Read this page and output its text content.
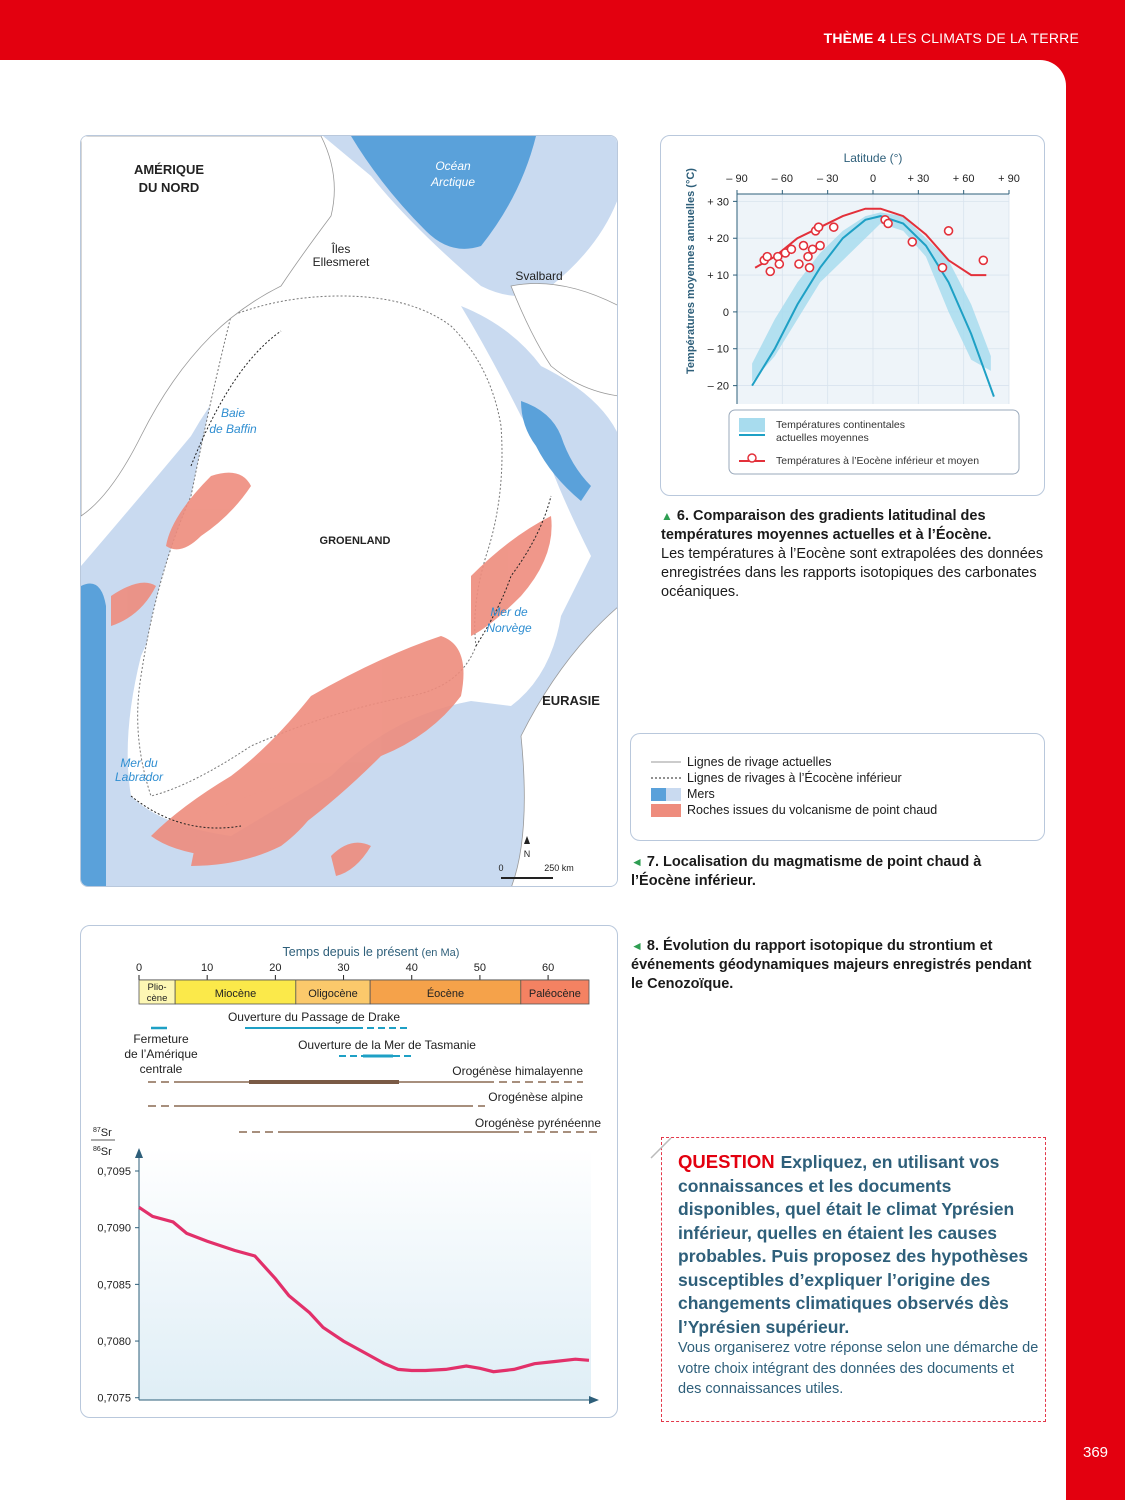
THÈME 4 LES CLIMATS DE LA TERRE
369
AMÉRIQUE
DU NORD
Océan
Arctique
Îles
Ellesmeret
Svalbard
Baie
de Baffin
GROENLAND
Mer de
Norvège
EURASIE
Mer du
Labrador
N
0	250 km
– 90 – 60 – 30	0	+ 30 + 60 + 90
+ 30
+ 20
+ 10
0
– 10
– 20
Latitude (°)
Températures moyennes annuelles (°C)
Températures continentales
actuelles moyennes
Températures à l’Eocène inférieur et moyen
▲ 6. Comparaison des gradients latitudinal des températures moyennes actuelles et à l’Éocène.
Les températures à l’Eocène sont extrapolées des données enregistrées dans les rapports isotopiques des carbonates océaniques.
Lignes de rivage actuelles
Lignes de rivages à l’Écocène inférieur
Mers
Roches issues du volcanisme de point chaud
◄ 7. Localisation du magmatisme de point chaud à l’Éocène inférieur.
◄ 8. Évolution du rapport isotopique du strontium et événements géodynamiques majeurs enregistrés pendant le Cenozoïque.
Temps depuis le présent (en Ma)
0	10	20	30	40	50	60
Plio-
cène	Miocène	Oligocène	Éocène	Paléocène
Fermeture
de l’Amérique
centrale
Ouverture du Passage de Drake
Ouverture de la Mer de Tasmanie
Orogénèse himalayenne
Orogénèse alpine
Orogénèse pyrénéenne
$^{87}$Sr
$^{86}$Sr
0,7095
0,7090
0,7085
0,7080
0,7075
QUESTION Expliquez, en utilisant vos connaissances et les documents disponibles, quel était le climat Yprésien inférieur, quelles en étaient les causes probables. Puis proposez des hypothèses susceptibles d’expliquer l’origine des changements climatiques observés dès l’Yprésien supérieur.
Vous organiserez votre réponse selon une démarche de votre choix intégrant des données des documents et des connaissances utiles.
